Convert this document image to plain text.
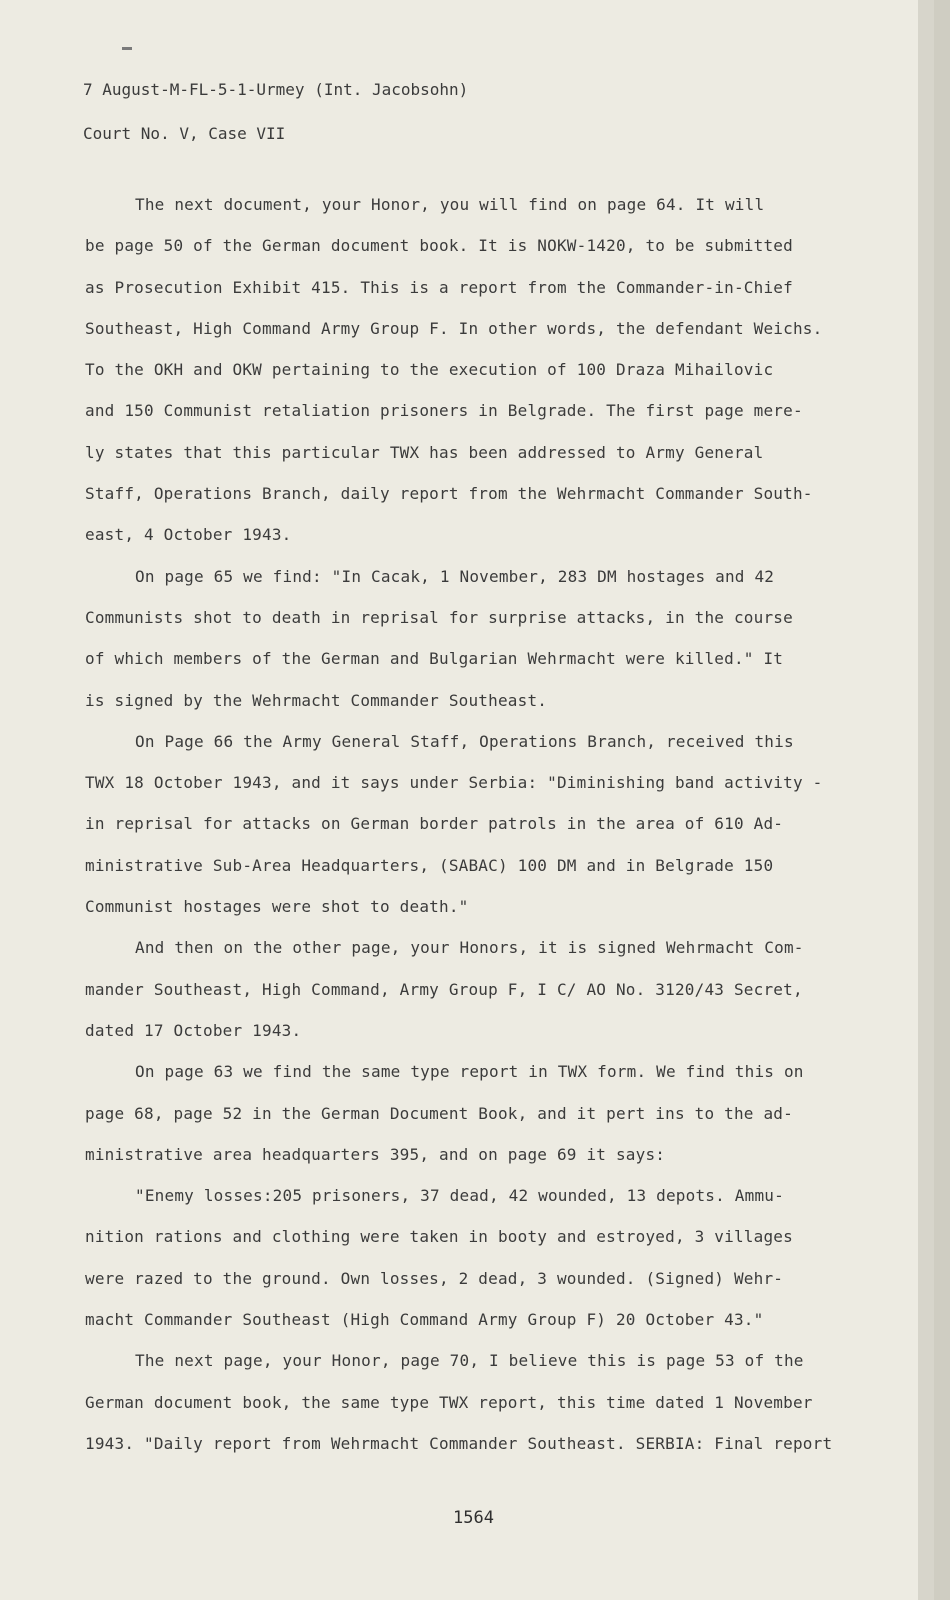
7 August-M-FL-5-1-Urmey (Int. Jacobsohn)
Court No. V, Case VII
The next document, your Honor, you will find on page 64. It will
be page 50 of the German document book. It is NOKW-1420, to be submitted
as Prosecution Exhibit 415. This is a report from the Commander-in-Chief
Southeast, High Command Army Group F. In other words, the defendant Weichs.
To the OKH and OKW pertaining to the execution of 100 Draza Mihailovic
and 150 Communist retaliation prisoners in Belgrade. The first page mere-
ly states that this particular TWX has been addressed to Army General
Staff, Operations Branch, daily report from the Wehrmacht Commander South-
east, 4 October 1943.
On page 65 we find: "In Cacak, 1 November, 283 DM hostages and 42
Communists shot to death in reprisal for surprise attacks, in the course
of which members of the German and Bulgarian Wehrmacht were killed." It
is signed by the Wehrmacht Commander Southeast.
On Page 66 the Army General Staff, Operations Branch, received this
TWX 18 October 1943, and it says under Serbia: "Diminishing band activity -
in reprisal for attacks on German border patrols in the area of 610 Ad-
ministrative Sub-Area Headquarters, (SABAC) 100 DM and in Belgrade 150
Communist hostages were shot to death."
And then on the other page, your Honors, it is signed Wehrmacht Com-
mander Southeast, High Command, Army Group F, I C/ AO No. 3120/43 Secret,
dated 17 October 1943.
On page 63 we find the same type report in TWX form. We find this on
page 68, page 52 in the German Document Book, and it pert ins to the ad-
ministrative area headquarters 395, and on page 69 it says:
"Enemy losses:205 prisoners, 37 dead, 42 wounded, 13 depots. Ammu-
nition rations and clothing were taken in booty and estroyed, 3 villages
were razed to the ground. Own losses, 2 dead, 3 wounded. (Signed) Wehr-
macht Commander Southeast (High Command Army Group F) 20 October 43."
The next page, your Honor, page 70, I believe this is page 53 of the
German document book, the same type TWX report, this time dated 1 November
1943. "Daily report from Wehrmacht Commander Southeast. SERBIA: Final report
1564
